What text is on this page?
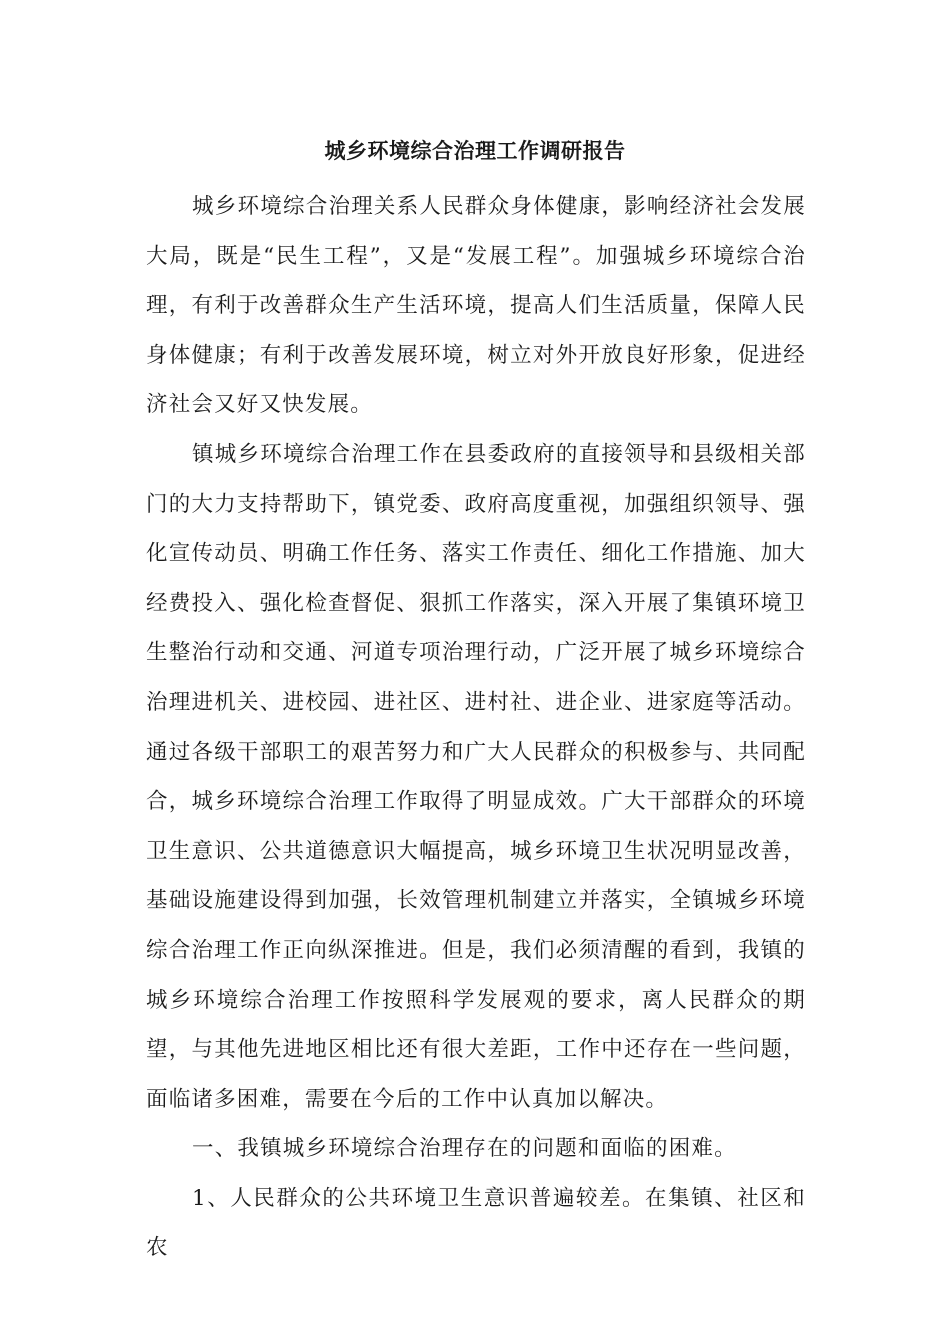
城乡环境综合治理工作调研报告

城乡环境综合治理关系人民群众身体健康，影响经济社会发展大局，既是“民生工程”，又是“发展工程”。加强城乡环境综合治理，有利于改善群众生产生活环境，提高人们生活质量，保障人民身体健康；有利于改善发展环境，树立对外开放良好形象，促进经济社会又好又快发展。

镇城乡环境综合治理工作在县委政府的直接领导和县级相关部门的大力支持帮助下，镇党委、政府高度重视，加强组织领导、强化宣传动员、明确工作任务、落实工作责任、细化工作措施、加大经费投入、强化检查督促、狠抓工作落实，深入开展了集镇环境卫生整治行动和交通、河道专项治理行动，广泛开展了城乡环境综合治理进机关、进校园、进社区、进村社、进企业、进家庭等活动。通过各级干部职工的艰苦努力和广大人民群众的积极参与、共同配合，城乡环境综合治理工作取得了明显成效。广大干部群众的环境卫生意识、公共道德意识大幅提高，城乡环境卫生状况明显改善，基础设施建设得到加强，长效管理机制建立并落实，全镇城乡环境综合治理工作正向纵深推进。但是，我们必须清醒的看到，我镇的城乡环境综合治理工作按照科学发展观的要求，离人民群众的期望，与其他先进地区相比还有很大差距，工作中还存在一些问题，面临诸多困难，需要在今后的工作中认真加以解决。

一、我镇城乡环境综合治理存在的问题和面临的困难。

1、人民群众的公共环境卫生意识普遍较差。在集镇、社区和农
